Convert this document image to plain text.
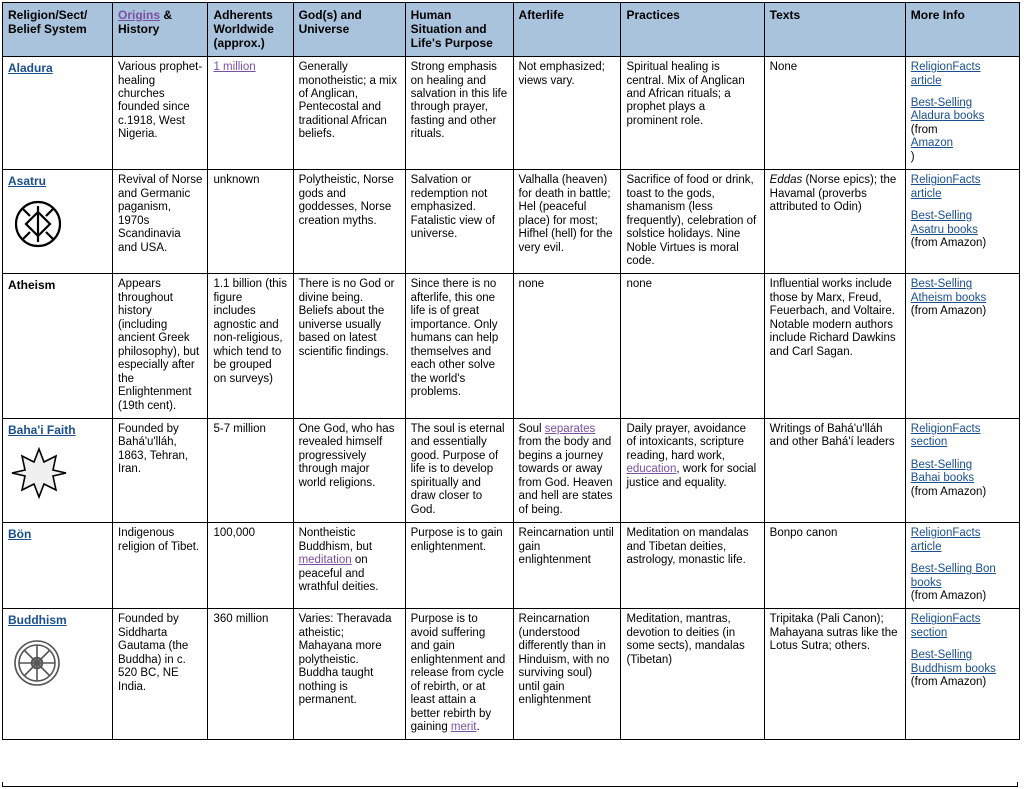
Religion/Sect/
Belief System	Origins & History	Adherents
Worldwide
(approx.)	God(s) and
Universe	Human
Situation and
Life's Purpose	Afterlife	Practices	Texts	More Info
Aladura	Various prophet-healing churches founded since c.1918, West Nigeria.	1 million	Generally monotheistic; a mix of Anglican, Pentecostal and traditional African beliefs.	Strong emphasis on healing and salvation in this life through prayer, fasting and other rituals.	Not emphasized; views vary.	Spiritual healing is central. Mix of Anglican and African rituals; a prophet plays a prominent role.	None	ReligionFacts
article
Best-Selling
Aladura books
(from
Amazon
)

Asatru	Revival of Norse and Germanic paganism, 1970s Scandinavia and USA.	unknown	Polytheistic, Norse gods and goddesses, Norse creation myths.	Salvation or redemption not emphasized. Fatalistic view of universe.	Valhalla (heaven) for death in battle; Hel (peaceful place) for most; Hifhel (hell) for the very evil.	Sacrifice of food or drink, toast to the gods, shamanism (less frequently), celebration of solstice holidays. Nine Noble Virtues is moral code.	Eddas (Norse epics); the Havamal (proverbs attributed to Odin)	ReligionFacts
article
Best-Selling
Asatru books
(from Amazon)

Atheism	Appears throughout history (including ancient Greek philosophy), but especially after the Enlightenment (19th cent).	1.1 billion (this figure includes agnostic and non-religious, which tend to be grouped on surveys)	There is no God or divine being. Beliefs about the universe usually based on latest scientific findings.	Since there is no afterlife, this one life is of great importance. Only humans can help themselves and each other solve the world's problems.	none	none	Influential works include those by Marx, Freud, Feuerbach, and Voltaire. Notable modern authors include Richard Dawkins and Carl Sagan.	Best-Selling
Atheism books
(from Amazon)

Baha'i Faith	Founded by Bahá'u'lláh, 1863, Tehran, Iran.	5-7 million	One God, who has revealed himself progressively through major world religions.	The soul is eternal and essentially good. Purpose of life is to develop spiritually and draw closer to God.	Soul separates from the body and begins a journey towards or away from God. Heaven and hell are states of being.	Daily prayer, avoidance of intoxicants, scripture reading, hard work, education, work for social justice and equality.	Writings of Bahá'u'lláh and other Bahá'í leaders	ReligionFacts
section
Best-Selling
Bahai books
(from Amazon)

Bön	Indigenous religion of Tibet.	100,000	Nontheistic Buddhism, but meditation on peaceful and wrathful deities.	Purpose is to gain enlightenment.	Reincarnation until gain enlightenment	Meditation on mandalas and Tibetan deities, astrology, monastic life.	Bonpo canon	ReligionFacts
article
Best-Selling Bon
books
(from Amazon)

Buddhism	Founded by Siddharta Gautama (the Buddha) in c. 520 BC, NE India.	360 million	Varies: Theravada atheistic; Mahayana more polytheistic. Buddha taught nothing is permanent.	Purpose is to avoid suffering and gain enlightenment and release from cycle of rebirth, or at least attain a better rebirth by gaining merit.	Reincarnation (understood differently than in Hinduism, with no surviving soul) until gain enlightenment	Meditation, mantras, devotion to deities (in some sects), mandalas (Tibetan)	Tripitaka (Pali Canon); Mahayana sutras like the Lotus Sutra; others.	ReligionFacts
section
Best-Selling
Buddhism books
(from Amazon)
